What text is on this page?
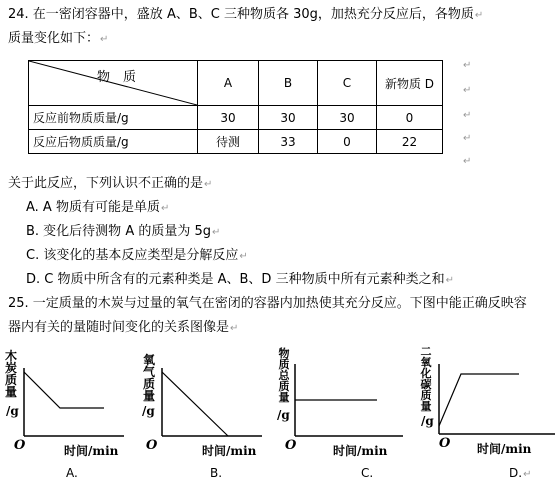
24. 在一密闭容器中，盛放 A、B、C 三种物质各 30g，加热充分反应后，各物质↵
质量变化如下：↵
物　质	A	B	C	新物质 D
反应前物质质量/g	30	30	30	0
反应后物质质量/g	待测	33	0	22
↵
↵
↵
↵
↵
关于此反应，下列认识不正确的是↵
A. A 物质有可能是单质↵
B. 变化后待测物 A 的质量为 5g↵
C. 该变化的基本反应类型是分解反应↵
D. C 物质中所含有的元素种类是 A、B、D 三种物质中所有元素种类之和↵
25. 一定质量的木炭与过量的氧气在密闭的容器内加热使其充分反应。下图中能正确反映容
器内有关的量随时间变化的关系图像是↵
木炭质量
/g
O	时间/min
A.
氧气质量
/g
O	时间/min
B.
物质总质量
/g
O	时间/min
C.
二氧化碳质量
/g
O 时间/min
D.↵
